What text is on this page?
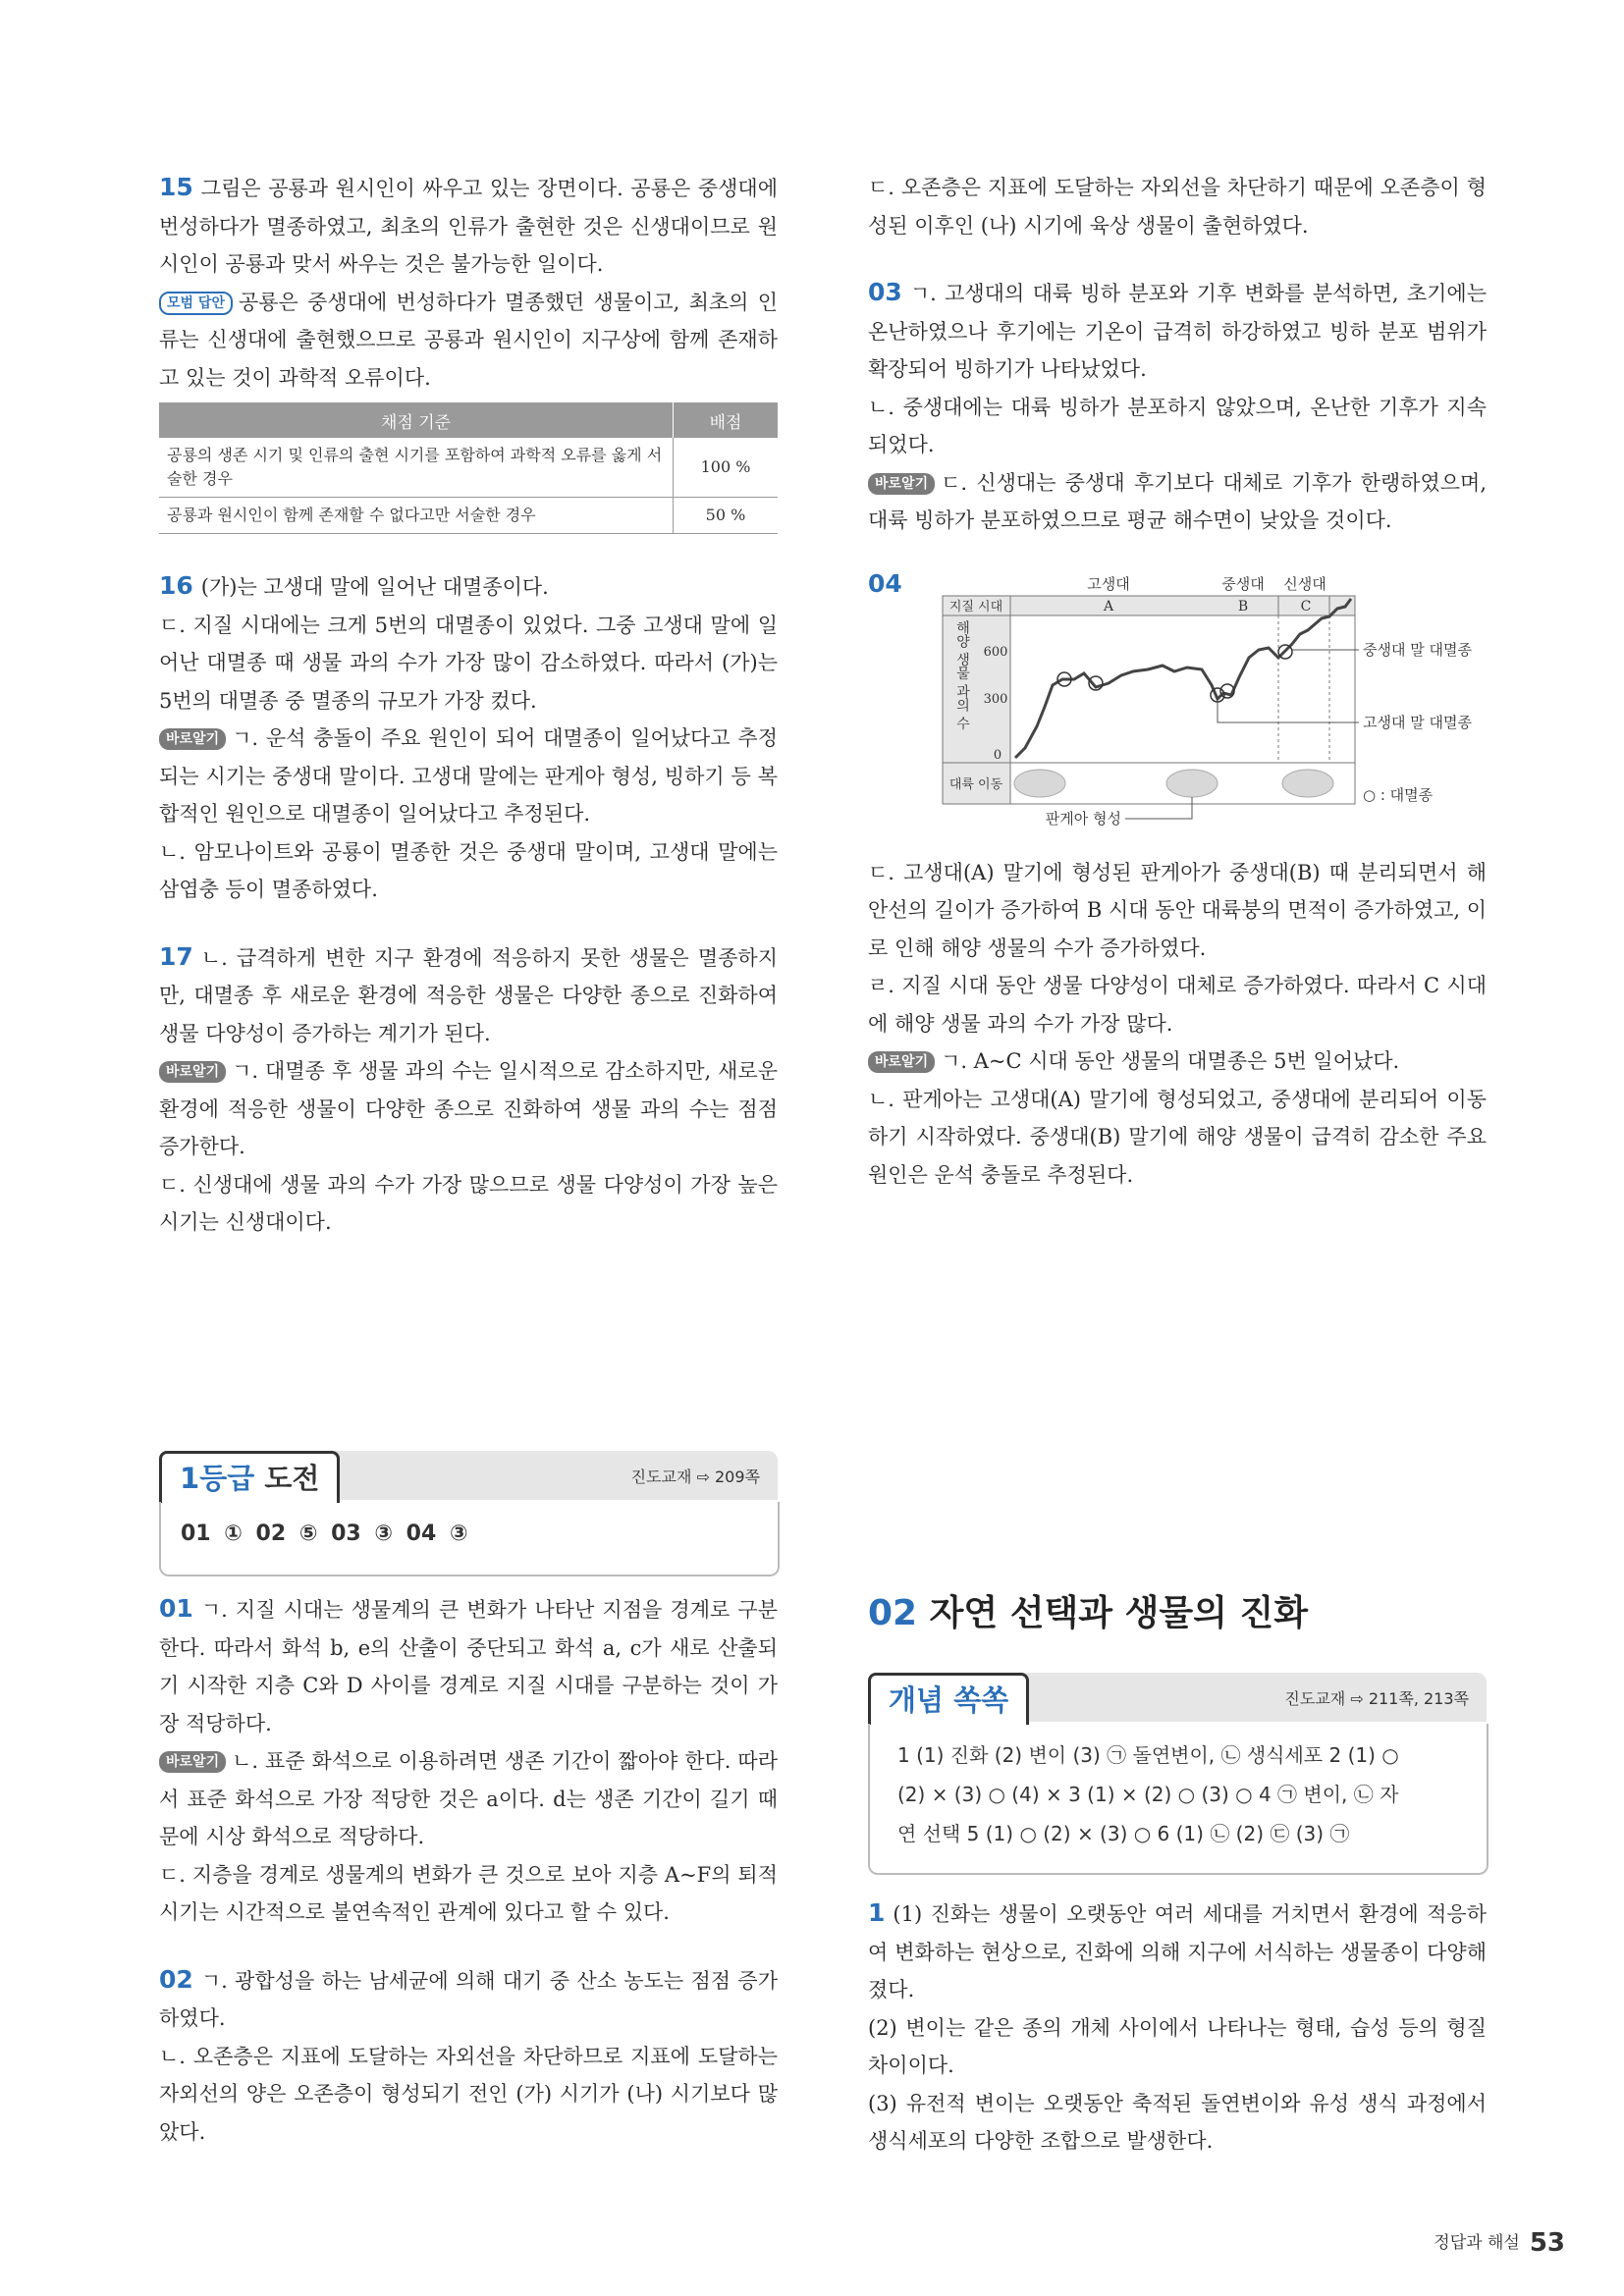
15 그림은 공룡과 원시인이 싸우고 있는 장면이다. 공룡은 중생대에 번성하다가 멸종하였고, 최초의 인류가 출현한 것은 신생대이므로 원시인이 공룡과 맞서 싸우는 것은 불가능한 일이다.

모범 답안 공룡은 중생대에 번성하다가 멸종했던 생물이고, 최초의 인류는 신생대에 출현했으므로 공룡과 원시인이 지구상에 함께 존재하고 있는 것이 과학적 오류이다.

채점 기준	배점
공룡의 생존 시기 및 인류의 출현 시기를 포함하여 과학적 오류를 옳게 서술한 경우	100 %
공룡과 원시인이 함께 존재할 수 없다고만 서술한 경우	50 %

16 (가)는 고생대 말에 일어난 대멸종이다.

ㄷ. 지질 시대에는 크게 5번의 대멸종이 있었다. 그중 고생대 말에 일어난 대멸종 때 생물 과의 수가 가장 많이 감소하였다. 따라서 (가)는 5번의 대멸종 중 멸종의 규모가 가장 컸다.

바로알기 ㄱ. 운석 충돌이 주요 원인이 되어 대멸종이 일어났다고 추정되는 시기는 중생대 말이다. 고생대 말에는 판게아 형성, 빙하기 등 복합적인 원인으로 대멸종이 일어났다고 추정된다.

ㄴ. 암모나이트와 공룡이 멸종한 것은 중생대 말이며, 고생대 말에는 삼엽충 등이 멸종하였다.

17 ㄴ. 급격하게 변한 지구 환경에 적응하지 못한 생물은 멸종하지만, 대멸종 후 새로운 환경에 적응한 생물은 다양한 종으로 진화하여 생물 다양성이 증가하는 계기가 된다.

바로알기 ㄱ. 대멸종 후 생물 과의 수는 일시적으로 감소하지만, 새로운 환경에 적응한 생물이 다양한 종으로 진화하여 생물 과의 수는 점점 증가한다.

ㄷ. 신생대에 생물 과의 수가 가장 많으므로 생물 다양성이 가장 높은 시기는 신생대이다.

1등급 도전	진도교재 ⇨ 209쪽
01 ① 02 ⑤ 03 ③ 04 ③

01 ㄱ. 지질 시대는 생물계의 큰 변화가 나타난 지점을 경계로 구분한다. 따라서 화석 b, e의 산출이 중단되고 화석 a, c가 새로 산출되기 시작한 지층 C와 D 사이를 경계로 지질 시대를 구분하는 것이 가장 적당하다.

바로알기 ㄴ. 표준 화석으로 이용하려면 생존 기간이 짧아야 한다. 따라서 표준 화석으로 가장 적당한 것은 a이다. d는 생존 기간이 길기 때문에 시상 화석으로 적당하다.

ㄷ. 지층을 경계로 생물계의 변화가 큰 것으로 보아 지층 A~F의 퇴적 시기는 시간적으로 불연속적인 관계에 있다고 할 수 있다.

02 ㄱ. 광합성을 하는 남세균에 의해 대기 중 산소 농도는 점점 증가하였다.

ㄴ. 오존층은 지표에 도달하는 자외선을 차단하므로 지표에 도달하는 자외선의 양은 오존층이 형성되기 전인 (가) 시기가 (나) 시기보다 많았다.

ㄷ. 오존층은 지표에 도달하는 자외선을 차단하기 때문에 오존층이 형성된 이후인 (나) 시기에 육상 생물이 출현하였다.

03 ㄱ. 고생대의 대륙 빙하 분포와 기후 변화를 분석하면, 초기에는 온난하였으나 후기에는 기온이 급격히 하강하였고 빙하 분포 범위가 확장되어 빙하기가 나타났었다.

ㄴ. 중생대에는 대륙 빙하가 분포하지 않았으며, 온난한 기후가 지속되었다.

바로알기 ㄷ. 신생대는 중생대 후기보다 대체로 기후가 한랭하였으며, 대륙 빙하가 분포하였으므로 평균 해수면이 낮았을 것이다.

04	고생대	중생대 신생대
지질 시대	A	B	C
해양 생물 과의 수 600
300
0
중생대 말 대멸종
고생대 말 대멸종
대륙 이동
판게아 형성
○ : 대멸종

ㄷ. 고생대(A) 말기에 형성된 판게아가 중생대(B) 때 분리되면서 해안선의 길이가 증가하여 B 시대 동안 대륙붕의 면적이 증가하였고, 이로 인해 해양 생물의 수가 증가하였다.

ㄹ. 지질 시대 동안 생물 다양성이 대체로 증가하였다. 따라서 C 시대에 해양 생물 과의 수가 가장 많다.

바로알기 ㄱ. A~C 시대 동안 생물의 대멸종은 5번 일어났다.

ㄴ. 판게아는 고생대(A) 말기에 형성되었고, 중생대에 분리되어 이동하기 시작하였다. 중생대(B) 말기에 해양 생물이 급격히 감소한 주요 원인은 운석 충돌로 추정된다.

02 자연 선택과 생물의 진화
개념 쏙쏙	진도교재 ⇨ 211쪽, 213쪽
1 (1) 진화 (2) 변이 (3) ㉠ 돌연변이, ㉡ 생식세포 2 (1) ○
(2) × (3) ○ (4) × 3 (1) × (2) ○ (3) ○ 4 ㉠ 변이, ㉡ 자
연 선택 5 (1) ○ (2) × (3) ○ 6 (1) ㉡ (2) ㉢ (3) ㉠

1 (1) 진화는 생물이 오랫동안 여러 세대를 거치면서 환경에 적응하여 변화하는 현상으로, 진화에 의해 지구에 서식하는 생물종이 다양해졌다.

(2) 변이는 같은 종의 개체 사이에서 나타나는 형태, 습성 등의 형질 차이이다.

(3) 유전적 변이는 오랫동안 축적된 돌연변이와 유성 생식 과정에서 생식세포의 다양한 조합으로 발생한다.

정답과 해설 53
